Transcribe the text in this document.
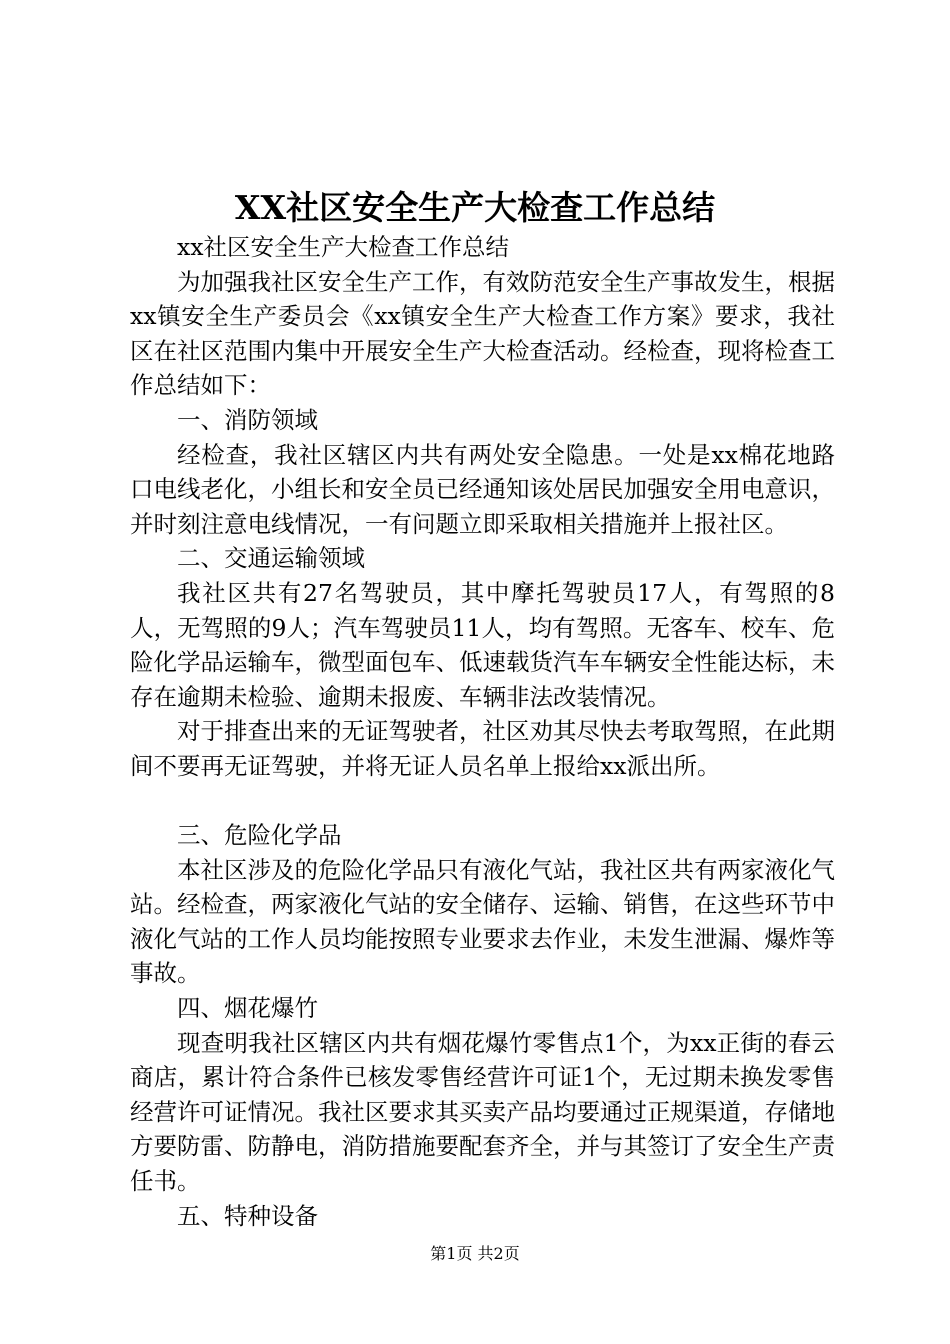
XX社区安全生产大检查工作总结

xx社区安全生产大检查工作总结

为加强我社区安全生产工作，有效防范安全生产事故发生，根据xx镇安全生产委员会《xx镇安全生产大检查工作方案》要求，我社区在社区范围内集中开展安全生产大检查活动。经检查，现将检查工作总结如下：

一、消防领域

经检查，我社区辖区内共有两处安全隐患。一处是xx棉花地路口电线老化，小组长和安全员已经通知该处居民加强安全用电意识，并时刻注意电线情况，一有问题立即采取相关措施并上报社区。

二、交通运输领域

我社区共有27名驾驶员，其中摩托驾驶员17人，有驾照的8人，无驾照的9人；汽车驾驶员11人，均有驾照。无客车、校车、危险化学品运输车，微型面包车、低速载货汽车车辆安全性能达标，未存在逾期未检验、逾期未报废、车辆非法改装情况。

对于排查出来的无证驾驶者，社区劝其尽快去考取驾照，在此期间不要再无证驾驶，并将无证人员名单上报给xx派出所。

三、危险化学品

本社区涉及的危险化学品只有液化气站，我社区共有两家液化气站。经检查，两家液化气站的安全储存、运输、销售，在这些环节中液化气站的工作人员均能按照专业要求去作业，未发生泄漏、爆炸等事故。

四、烟花爆竹

现查明我社区辖区内共有烟花爆竹零售点1个，为xx正街的春云商店，累计符合条件已核发零售经营许可证1个，无过期未换发零售经营许可证情况。我社区要求其买卖产品均要通过正规渠道，存储地方要防雷、防静电，消防措施要配套齐全，并与其签订了安全生产责任书。

五、特种设备

第1页 共2页
